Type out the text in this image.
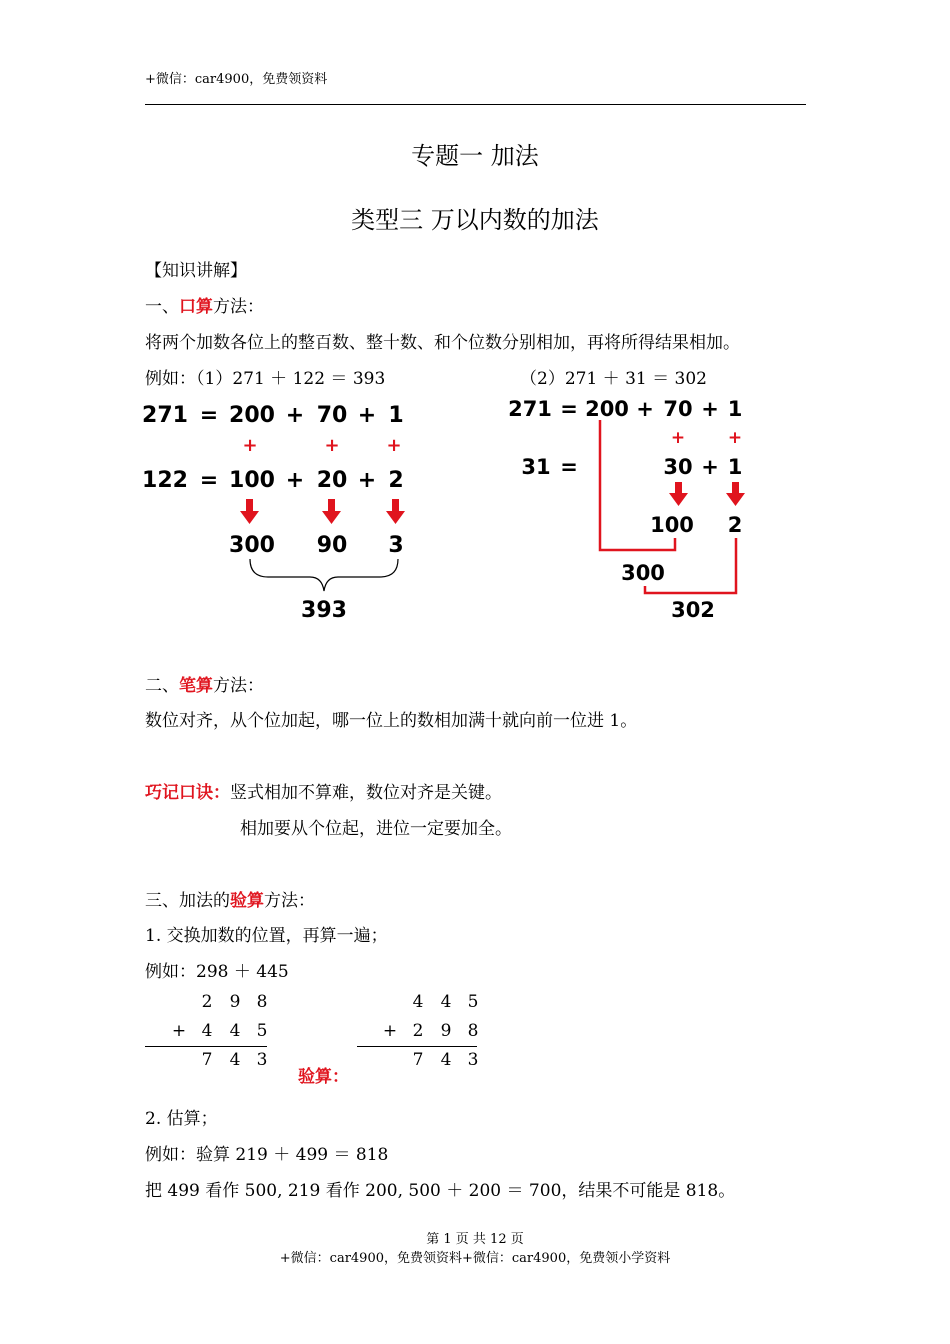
+微信：car4900，免费领资料
专题一 加法
类型三 万以内数的加法
【知识讲解】
一、口算方法：
将两个加数各位上的整百数、整十数、和个位数分别相加，再将所得结果相加。
例如：（1）271 ＋ 122 ＝ 393	（2）271 ＋ 31 ＝ 302
271 = 200 + 70 + 1
+	+	+
122 = 100 + 20 + 2
300 90 3
393
271 = 200 + 70 + 1
+	+
31 =	30 + 1
100 2
300
302
二、笔算方法：
数位对齐，从个位加起，哪一位上的数相加满十就向前一位进 1。
巧记口诀：竖式相加不算难，数位对齐是关键。
相加要从个位起，进位一定要加全。
三、加法的验算方法：
1. 交换加数的位置，再算一遍；
例如：298 ＋ 445
2 9 8
+ 4 4 5
7 4 3
验算：
4 4 5
+ 2 9 8
7 4 3
2. 估算；
例如：验算 219 ＋ 499 ＝ 818
把 499 看作 500, 219 看作 200, 500 ＋ 200 ＝ 700，结果不可能是 818。
第 1 页 共 12 页
+微信：car4900，免费领资料+微信：car4900，免费领小学资料
